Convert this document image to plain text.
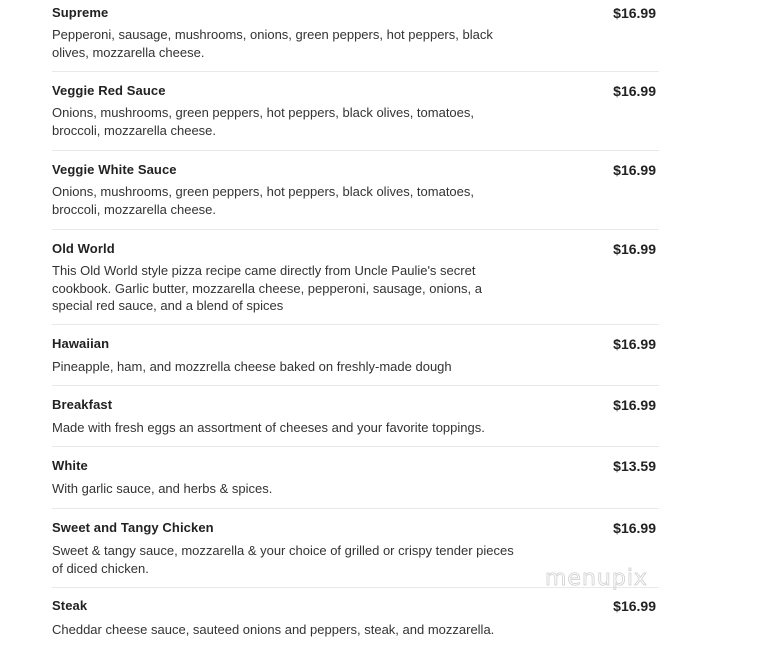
Supreme	$16.99
Pepperoni, sausage, mushrooms, onions, green peppers, hot peppers, black olives, mozzarella cheese.
Veggie Red Sauce	$16.99
Onions, mushrooms, green peppers, hot peppers, black olives, tomatoes, broccoli, mozzarella cheese.
Veggie White Sauce	$16.99
Onions, mushrooms, green peppers, hot peppers, black olives, tomatoes, broccoli, mozzarella cheese.
Old World	$16.99
This Old World style pizza recipe came directly from Uncle Paulie's secret cookbook. Garlic butter, mozzarella cheese, pepperoni, sausage, onions, a special red sauce, and a blend of spices
Hawaiian	$16.99
Pineapple, ham, and mozzrella cheese baked on freshly-made dough
Breakfast	$16.99
Made with fresh eggs an assortment of cheeses and your favorite toppings.
White	$13.59
With garlic sauce, and herbs & spices.
Sweet and Tangy Chicken	$16.99
Sweet & tangy sauce, mozzarella & your choice of grilled or crispy tender pieces of diced chicken.
Steak	$16.99
Cheddar cheese sauce, sauteed onions and peppers, steak, and mozzarella.
menupix
